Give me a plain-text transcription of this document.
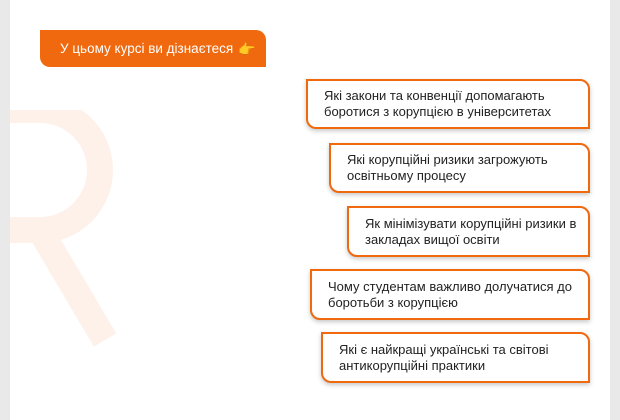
У цьому курсі ви дізнаєтеся 👉
Які закони та конвенції допомагають боротися з корупцією в університетах
Які корупційні ризики загрожують освітньому процесу
Як мінімізувати корупційні ризики в закладах вищої освіти
Чому студентам важливо долучатися до боротьби з корупцією
Які є найкращі українські та світові антикорупційні практики
